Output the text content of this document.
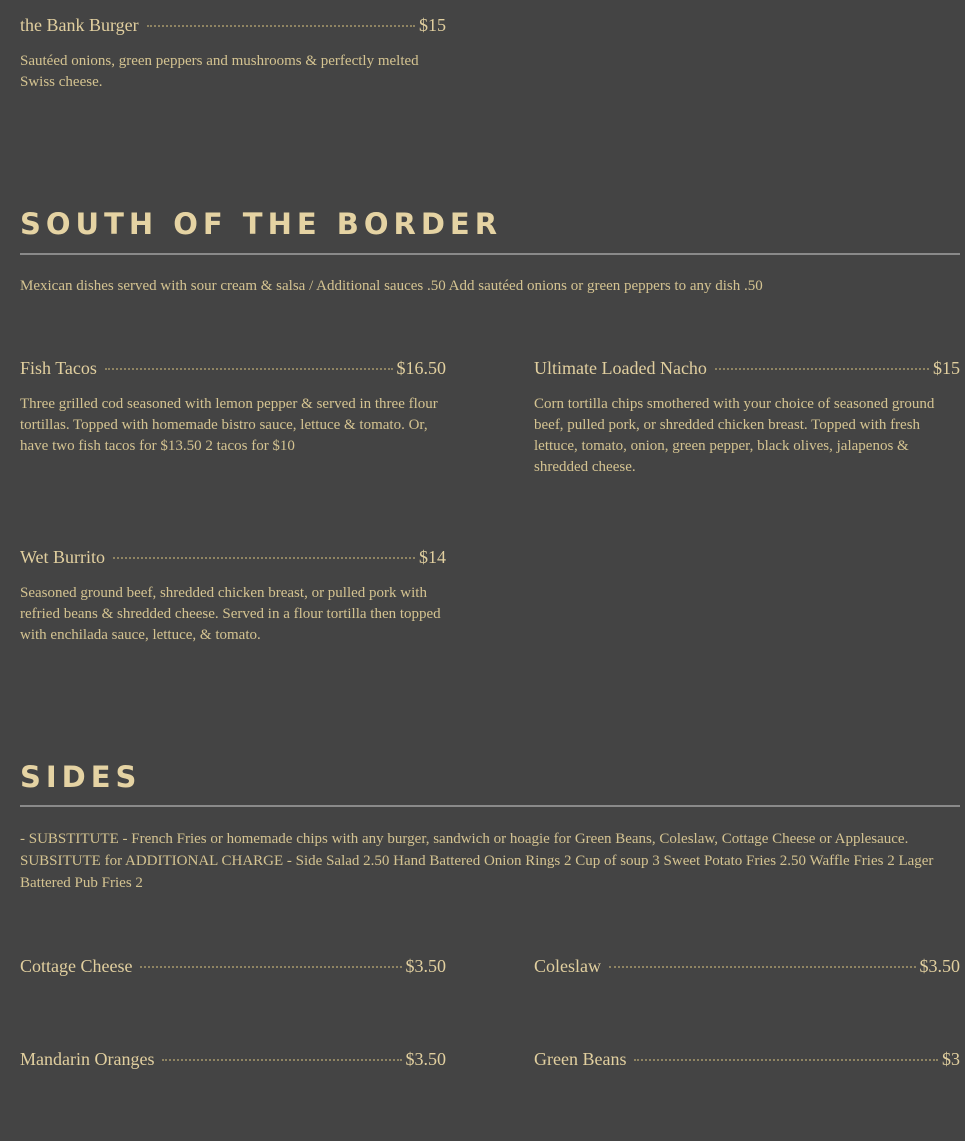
the Bank Burger	$15
Sautéed onions, green peppers and mushrooms & perfectly melted Swiss cheese.
SOUTH OF THE BORDER
Mexican dishes served with sour cream & salsa / Additional sauces .50 Add sautéed onions or green peppers to any dish .50
Fish Tacos	$16.50
Three grilled cod seasoned with lemon pepper & served in three flour tortillas. Topped with homemade bistro sauce, lettuce & tomato. Or, have two fish tacos for $13.50 2 tacos for $10
Ultimate Loaded Nacho	$15
Corn tortilla chips smothered with your choice of seasoned ground beef, pulled pork, or shredded chicken breast. Topped with fresh lettuce, tomato, onion, green pepper, black olives, jalapenos & shredded cheese.
Wet Burrito	$14
Seasoned ground beef, shredded chicken breast, or pulled pork with refried beans & shredded cheese. Served in a flour tortilla then topped with enchilada sauce, lettuce, & tomato.
SIDES
- SUBSTITUTE - French Fries or homemade chips with any burger, sandwich or hoagie for Green Beans, Coleslaw, Cottage Cheese or Applesauce. SUBSITUTE for ADDITIONAL CHARGE - Side Salad 2.50 Hand Battered Onion Rings 2 Cup of soup 3 Sweet Potato Fries 2.50 Waffle Fries 2 Lager Battered Pub Fries 2
Cottage Cheese	$3.50	Coleslaw	$3.50
Mandarin Oranges	$3.50	Green Beans	$3
